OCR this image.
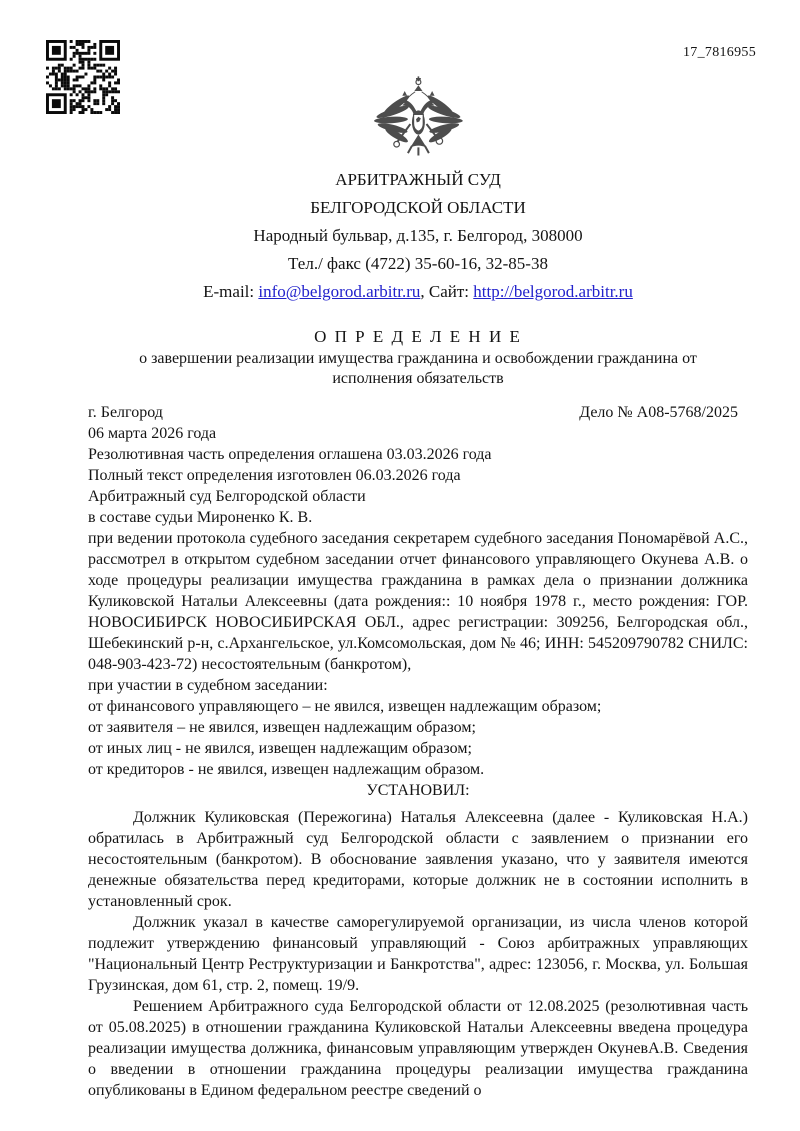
17_7816955
АРБИТРАЖНЫЙ СУД
БЕЛГОРОДСКОЙ ОБЛАСТИ
Народный бульвар, д.135, г. Белгород, 308000
Тел./ факс (4722) 35-60-16, 32-85-38
E-mail: info@belgorod.arbitr.ru, Сайт: http://belgorod.arbitr.ru
О П Р Е Д Е Л Е Н И Е
о завершении реализации имущества гражданина и освобождении гражданина от исполнения обязательств
г. Белгород	Дело № А08-5768/2025
06 марта 2026 года
Резолютивная часть определения оглашена 03.03.2026 года
Полный текст определения изготовлен 06.03.2026 года
Арбитражный суд Белгородской области
в составе судьи Мироненко К. В.

при ведении протокола судебного заседания секретарем судебного заседания Пономарёвой А.С., рассмотрел в открытом судебном заседании отчет финансового управляющего Окунева А.В. о ходе процедуры реализации имущества гражданина в рамках дела о признании должника Куликовской Натальи Алексеевны (дата рождения:: 10 ноября 1978 г., место рождения: ГОР. НОВОСИБИРСК НОВОСИБИРСКАЯ ОБЛ., адрес регистрации: 309256, Белгородская обл., Шебекинский р-н, с.Архангельское, ул.Комсомольская, дом № 46; ИНН: 545209790782 СНИЛС: 048-903-423-72) несостоятельным (банкротом),

при участии в судебном заседании:
от финансового управляющего – не явился, извещен надлежащим образом;
от заявителя – не явился, извещен надлежащим образом;
от иных лиц - не явился, извещен надлежащим образом;
от кредиторов - не явился, извещен надлежащим образом.
УСТАНОВИЛ:

Должник Куликовская (Пережогина) Наталья Алексеевна (далее - Куликовская Н.А.) обратилась в Арбитражный суд Белгородской области с заявлением о признании его несостоятельным (банкротом). В обоснование заявления указано, что у заявителя имеются денежные обязательства перед кредиторами, которые должник не в состоянии исполнить в установленный срок.

Должник указал в качестве саморегулируемой организации, из числа членов которой подлежит утверждению финансовый управляющий - Союз арбитражных управляющих "Национальный Центр Реструктуризации и Банкротства", адрес: 123056, г. Москва, ул. Большая Грузинская, дом 61, стр. 2, помещ. 19/9.

Решением Арбитражного суда Белгородской области от 12.08.2025 (резолютивная часть от 05.08.2025) в отношении гражданина Куликовской Натальи Алексеевны введена процедура реализации имущества должника, финансовым управляющим утвержден ОкуневА.В. Сведения о введении в отношении гражданина процедуры реализации имущества гражданина опубликованы в Едином федеральном реестре сведений о
